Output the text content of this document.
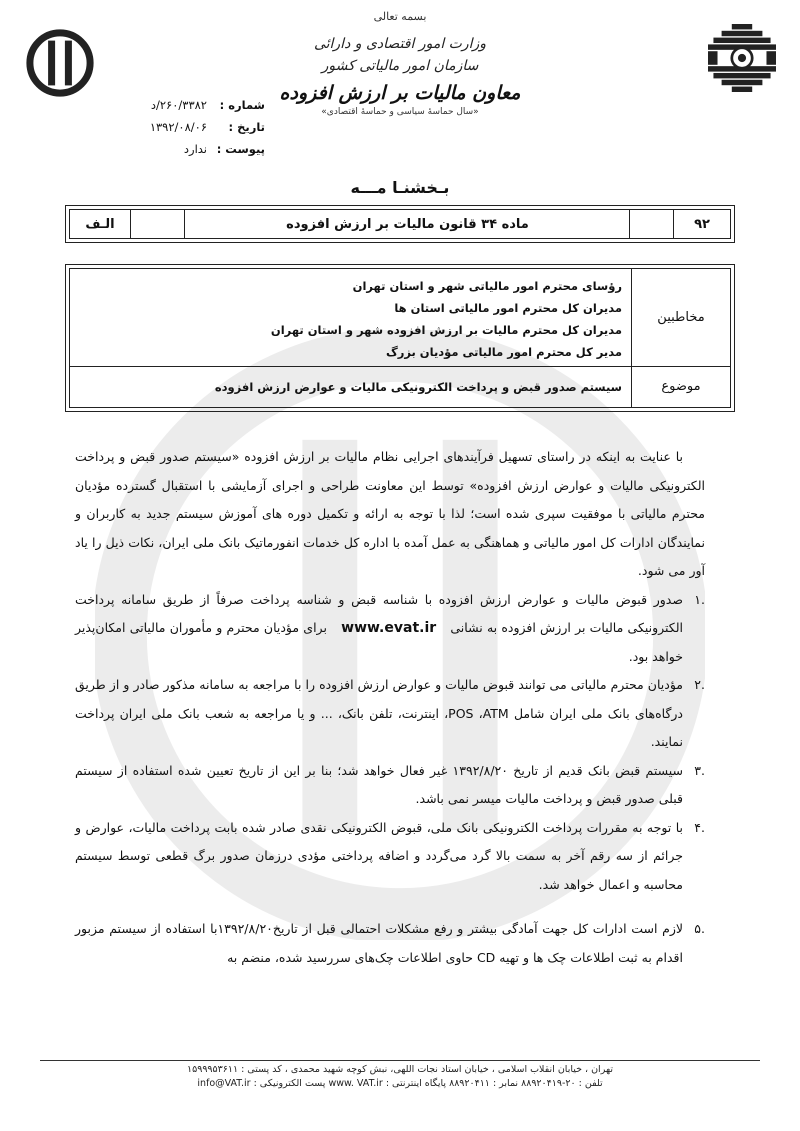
بسمه تعالی
وزارت امور اقتصادی و دارائی
سازمان امور مالیاتی کشور
معاون مالیات بر ارزش افزوده
«سال حماسۀ سیاسی و حماسۀ اقتصادی»
شماره :
۲۶۰/۳۳۸۲/د
تاریخ :
۱۳۹۲/۰۸/۰۶
پیوست :
ندارد
بـخشنـا مـــه
۹۲
ماده ۳۴ قانون مالیات بر ارزش افزوده
الـف
مخاطبین
رؤسای محترم امور مالیاتی شهر و استان تهران
مدیران کل محترم امور مالیاتی استان ها
مدیران کل محترم مالیات بر ارزش افزوده شهر و استان تهران
مدیر کل محترم امور مالیاتی مؤدیان بزرگ
موضوع
سیستم صدور قبض و پرداخت الکترونیکی مالیات و عوارض ارزش افزوده
با عنایت به اینکه در راستای تسهیل فرآیندهای اجرایی نظام مالیات بر ارزش افزوده «سیستم صدور قبض و پرداخت الکترونیکی مالیات و عوارض ارزش افزوده» توسط این معاونت طراحی و اجرای آزمایشی با استقبال گسترده مؤدیان محترم مالیاتی با موفقیت سپری شده است؛ لذا با توجه به ارائه و تکمیل دوره های آموزش سیستم جدید به کاربران و نمایندگان ادارات کل امور مالیاتی و هماهنگی به عمل آمده با اداره کل خدمات انفورماتیک بانک ملی ایران، نکات ذیل را یاد آور می شود.
.۱
صدور قبوض مالیات و عوارض ارزش افزوده با شناسه قبض و شناسه پرداخت صرفاً از طریق سامانه پرداخت الکترونیکی مالیات بر ارزش افزوده به نشانی www.evat.ir برای مؤدیان محترم و مأموران مالیاتی امکان‌پذیر خواهد بود.
.۲
مؤدیان محترم مالیاتی می توانند قبوض مالیات و عوارض ارزش افزوده را با مراجعه به سامانه مذکور صادر و از طریق درگاه‌های بانک ملی ایران شامل POS ،ATM، اینترنت، تلفن بانک، ... و یا مراجعه به شعب بانک ملی ایران پرداخت نمایند.
.۳
سیستم قبض بانک قدیم از تاریخ ۱۳۹۲/۸/۲۰ غیر فعال خواهد شد؛ بنا بر این از تاریخ تعیین شده استفاده از سیستم قبلی صدور قبض و پرداخت مالیات میسر نمی باشد.
.۴
با توجه به مقررات پرداخت الکترونیکی بانک ملی، قبوض الکترونیکی نقدی صادر شده بابت پرداخت مالیات، عوارض و جرائم از سه رقم آخر به سمت بالا گرد می‌گردد و اضافه پرداختی مؤدی درزمان صدور برگ قطعی توسط سیستم محاسبه و اعمال خواهد شد.
.۵
لازم است ادارات کل جهت آمادگی بیشتر و رفع مشکلات احتمالی قبل از تاریخ۱۳۹۲/۸/۲۰با استفاده از سیستم مزبور اقدام به ثبت اطلاعات چک ها و تهیه CD حاوی اطلاعات چک‌های سررسید شده، منضم به
تهران ، خیابان انقلاب اسلامی ، خیابان استاد نجات اللهی، نبش کوچه شهید محمدی ، کد پستی : ۱۵۹۹۹۵۳۶۱۱
تلفن : ۲۰-۸۸۹۲۰۴۱۹ نمابر : ۸۸۹۲۰۴۱۱ پایگاه اینترنتی : www. VAT.ir پست الکترونیکی : info@VAT.ir
